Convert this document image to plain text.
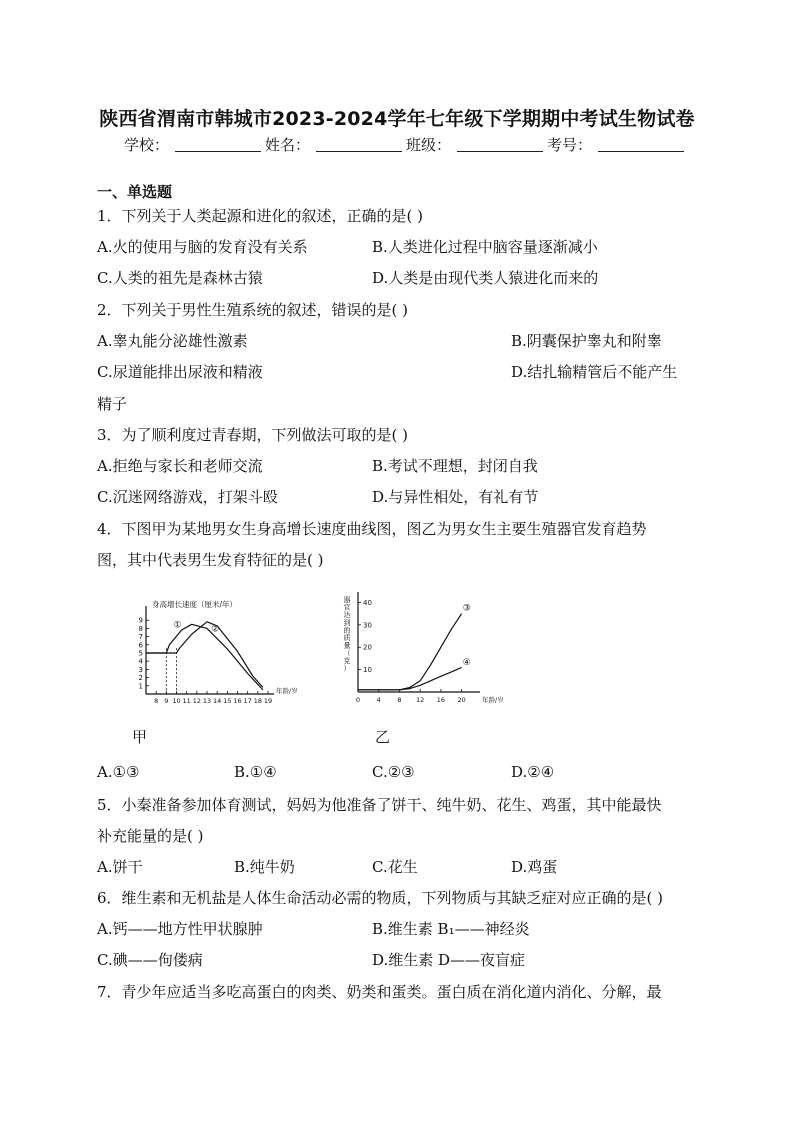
陕西省渭南市韩城市2023-2024学年七年级下学期期中考试生物试卷
学校：	姓名：	班级：	考号：
一、单选题
1．下列关于人类起源和进化的叙述，正确的是( )
A.火的使用与脑的发育没有关系	B.人类进化过程中脑容量逐渐减小
C.人类的祖先是森林古猿	D.人类是由现代类人猿进化而来的
2．下列关于男性生殖系统的叙述，错误的是( )
A.睾丸能分泌雄性激素	B.阴囊保护睾丸和附睾
C.尿道能排出尿液和精液	D.结扎输精管后不能产生
精子
3．为了顺利度过青春期，下列做法可取的是( )
A.拒绝与家长和老师交流	B.考试不理想，封闭自我
C.沉迷网络游戏，打架斗殴	D.与异性相处，有礼有节
4．下图甲为某地男女生身高增长速度曲线图，图乙为男女生主要生殖器官发育趋势
图，其中代表男生发育特征的是( )
1
2
3
4
5
6
7
8
9
8 9 10 11 12 13 14 15 16 17 18 19
身高增长速度（厘米/年）
年龄/岁
①	②
10
20
30
40
0	4	8 12 16 20
器
官
达
到
的
质
量
（
克
）
年龄/岁
③
④
甲	乙
A.①③	B.①④	C.②③	D.②④
5．小秦准备参加体育测试，妈妈为他准备了饼干、纯牛奶、花生、鸡蛋，其中能最快
补充能量的是( )
A.饼干	B.纯牛奶	C.花生	D.鸡蛋
6．维生素和无机盐是人体生命活动必需的物质，下列物质与其缺乏症对应正确的是( )
A.钙——地方性甲状腺肿	B.维生素 B₁——神经炎
C.碘——佝偻病	D.维生素 D——夜盲症
7．青少年应适当多吃高蛋白的肉类、奶类和蛋类。蛋白质在消化道内消化、分解，最
